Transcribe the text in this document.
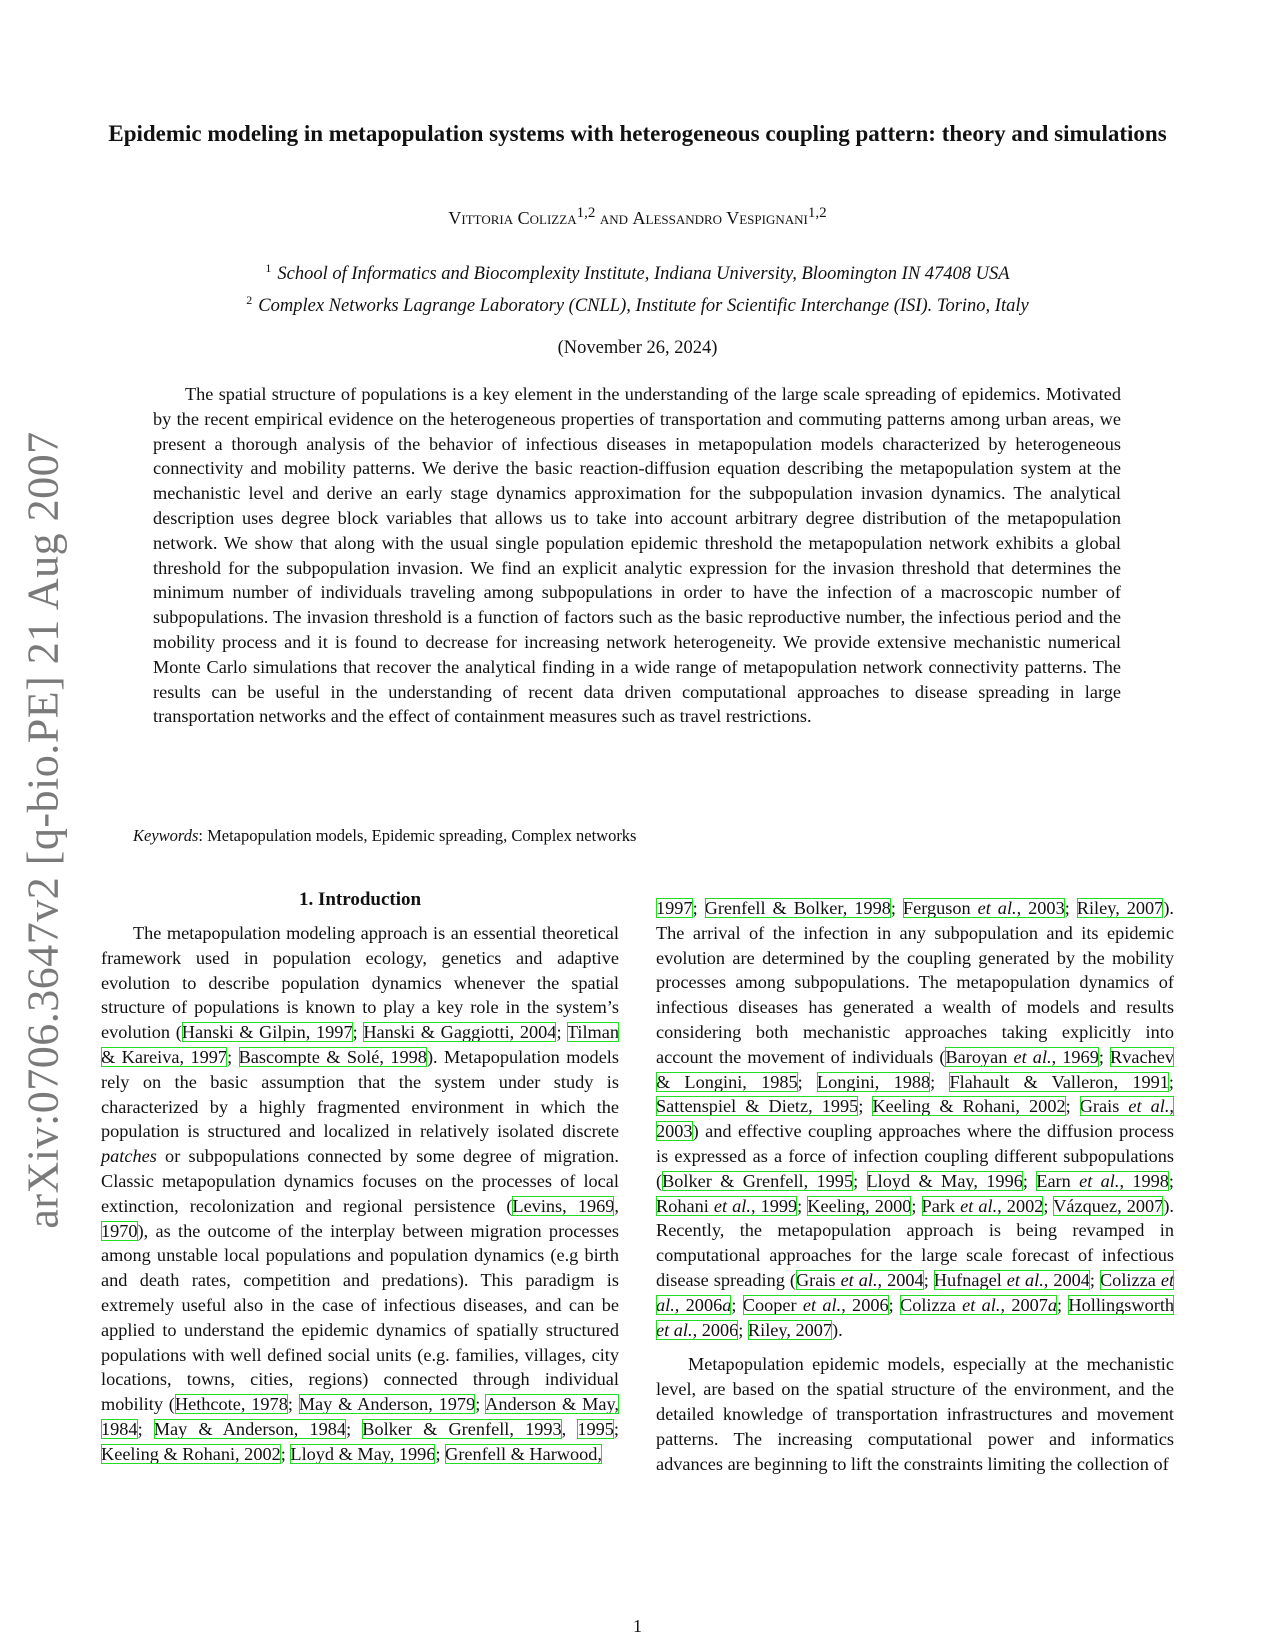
arXiv:0706.3647v2 [q-bio.PE] 21 Aug 2007
Epidemic modeling in metapopulation systems with heterogeneous coupling pattern: theory and simulations
Vittoria Colizza$^{1,2}$ and Alessandro Vespignani$^{1,2}$
$^1$ School of Informatics and Biocomplexity Institute, Indiana University, Bloomington IN 47408 USA
$^2$ Complex Networks Lagrange Laboratory (CNLL), Institute for Scientific Interchange (ISI). Torino, Italy
(November 26, 2024)

The spatial structure of populations is a key element in the understanding of the large scale spreading of epidemics. Motivated by the recent empirical evidence on the heterogeneous properties of transportation and commuting patterns among urban areas, we present a thorough analysis of the behavior of infectious diseases in metapopulation models characterized by heterogeneous connectivity and mobility patterns. We derive the basic reaction-diffusion equation describing the metapopulation system at the mechanistic level and derive an early stage dynamics approximation for the subpopulation invasion dynamics. The analytical description uses degree block variables that allows us to take into account arbitrary degree distribution of the metapopulation network. We show that along with the usual single population epidemic threshold the metapopulation network exhibits a global threshold for the subpopulation invasion. We find an explicit analytic expression for the invasion threshold that determines the minimum number of individuals traveling among subpopulations in order to have the infection of a macroscopic number of subpopulations. The invasion threshold is a function of factors such as the basic reproductive number, the infectious period and the mobility process and it is found to decrease for increasing network heterogeneity. We provide extensive mechanistic numerical Monte Carlo simulations that recover the analytical finding in a wide range of metapopulation network connectivity patterns. The results can be useful in the understanding of recent data driven computational approaches to disease spreading in large transportation networks and the effect of containment measures such as travel restrictions.

Keywords: Metapopulation models, Epidemic spreading, Complex networks
1. Introduction

The metapopulation modeling approach is an essential theoretical framework used in population ecology, genetics and adaptive evolution to describe population dynamics whenever the spatial structure of populations is known to play a key role in the system’s evolution (Hanski & Gilpin, 1997; Hanski & Gaggiotti, 2004; Tilman & Kareiva, 1997; Bascompte & Solé, 1998). Metapopulation models rely on the basic assumption that the system under study is characterized by a highly fragmented environment in which the population is structured and localized in relatively isolated discrete patches or subpopulations connected by some degree of migration. Classic metapopulation dynamics focuses on the processes of local extinction, recolonization and regional persistence (Levins, 1969, 1970), as the outcome of the interplay between migration processes among unstable local populations and population dynamics (e.g birth and death rates, competition and predations). This paradigm is extremely useful also in the case of infectious diseases, and can be applied to understand the epidemic dynamics of spatially structured populations with well defined social units (e.g. families, villages, city locations, towns, cities, regions) connected through individual mobility (Hethcote, 1978; May & Anderson, 1979; Anderson & May, 1984; May & Anderson, 1984; Bolker & Grenfell, 1993, 1995; Keeling & Rohani, 2002; Lloyd & May, 1996; Grenfell & Harwood,

1997; Grenfell & Bolker, 1998; Ferguson et al., 2003; Riley, 2007). The arrival of the infection in any subpopulation and its epidemic evolution are determined by the coupling generated by the mobility processes among subpopulations. The metapopulation dynamics of infectious diseases has generated a wealth of models and results considering both mechanistic approaches taking explicitly into account the movement of individuals (Baroyan et al., 1969; Rvachev & Longini, 1985; Longini, 1988; Flahault & Valleron, 1991; Sattenspiel & Dietz, 1995; Keeling & Rohani, 2002; Grais et al., 2003) and effective coupling approaches where the diffusion process is expressed as a force of infection coupling different subpopulations (Bolker & Grenfell, 1995; Lloyd & May, 1996; Earn et al., 1998; Rohani et al., 1999; Keeling, 2000; Park et al., 2002; Vázquez, 2007). Recently, the metapopulation approach is being revamped in computational approaches for the large scale forecast of infectious disease spreading (Grais et al., 2004; Hufnagel et al., 2004; Colizza et al., 2006a; Cooper et al., 2006; Colizza et al., 2007a; Hollingsworth et al., 2006; Riley, 2007).

Metapopulation epidemic models, especially at the mechanistic level, are based on the spatial structure of the environment, and the detailed knowledge of transportation infrastructures and movement patterns. The increasing computational power and informatics advances are beginning to lift the constraints limiting the collection of

1
